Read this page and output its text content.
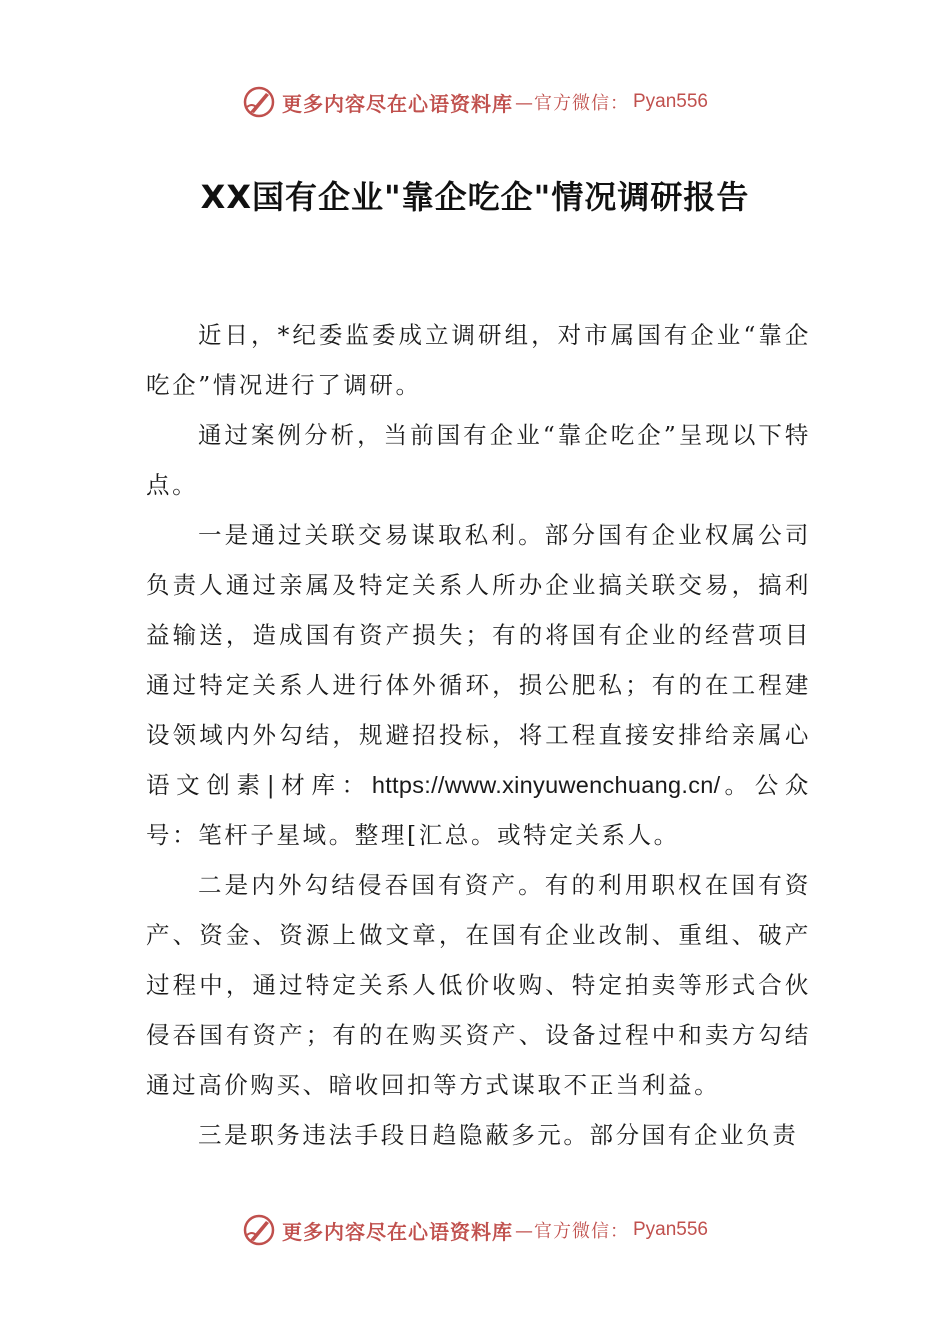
更多内容尽在心语资料库 —官方微信： Pyan556
XX国有企业"靠企吃企"情况调研报告

近日，*纪委监委成立调研组，对市属国有企业“靠企吃企”情况进行了调研。

通过案例分析，当前国有企业“靠企吃企”呈现以下特点。

一是通过关联交易谋取私利。部分国有企业权属公司负责人通过亲属及特定关系人所办企业搞关联交易，搞利益输送，造成国有资产损失；有的将国有企业的经营项目通过特定关系人进行体外循环，损公肥私；有的在工程建设领域内外勾结，规避招投标，将工程直接安排给亲属心语文创素|材库：https://www.xinyuwenchuang.cn/。公众号：笔杆子星域。整理[汇总。或特定关系人。

二是内外勾结侵吞国有资产。有的利用职权在国有资产、资金、资源上做文章，在国有企业改制、重组、破产过程中，通过特定关系人低价收购、特定拍卖等形式合伙侵吞国有资产；有的在购买资产、设备过程中和卖方勾结通过高价购买、暗收回扣等方式谋取不正当利益。

三是职务违法手段日趋隐蔽多元。部分国有企业负责

更多内容尽在心语资料库 —官方微信： Pyan556
